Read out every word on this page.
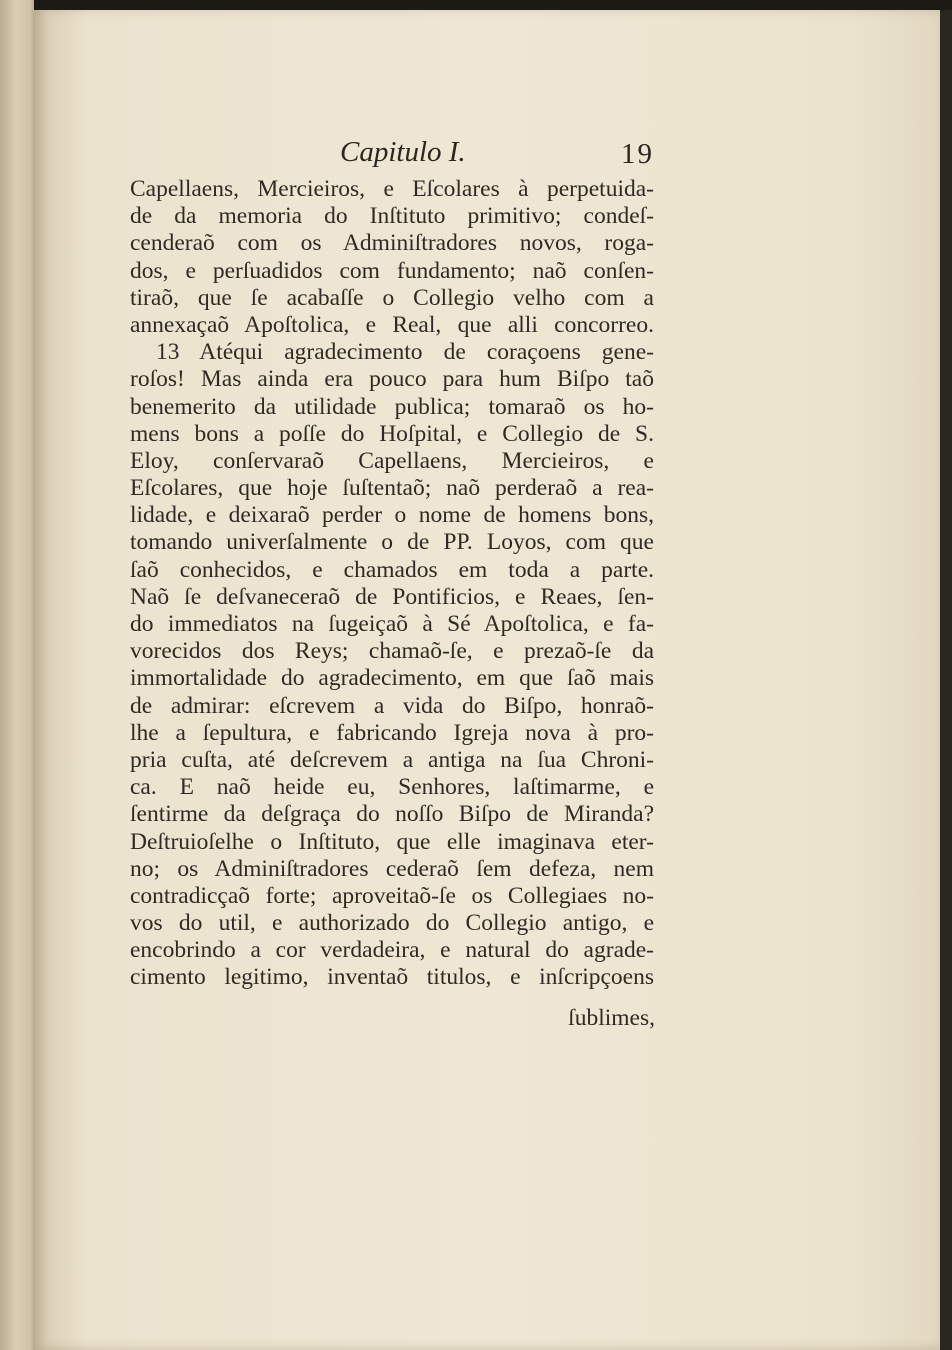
Capitulo I.	19
Capellaens, Mercieiros, e Eſcolares à perpetuida-
de da memoria do Inſtituto primitivo; condeſ-
cenderaõ com os Adminiſtradores novos, roga-
dos, e perſuadidos com fundamento; naõ conſen-
tiraõ, que ſe acabaſſe o Collegio velho com a
annexaçaõ Apoſtolica, e Real, que alli concorreo.
13 Atéqui agradecimento de coraçoens gene-
roſos! Mas ainda era pouco para hum Biſpo taõ
benemerito da utilidade publica; tomaraõ os ho-
mens bons a poſſe do Hoſpital, e Collegio de S.
Eloy, conſervaraõ Capellaens, Mercieiros, e
Eſcolares, que hoje ſuſtentaõ; naõ perderaõ a rea-
lidade, e deixaraõ perder o nome de homens bons,
tomando univerſalmente o de PP. Loyos, com que
ſaõ conhecidos, e chamados em toda a parte.
Naõ ſe deſvaneceraõ de Pontificios, e Reaes, ſen-
do immediatos na ſugeiçaõ à Sé Apoſtolica, e fa-
vorecidos dos Reys; chamaõ-ſe, e prezaõ-ſe da
immortalidade do agradecimento, em que ſaõ mais
de admirar: eſcrevem a vida do Biſpo, honraõ-
lhe a ſepultura, e fabricando Igreja nova à pro-
pria cuſta, até deſcrevem a antiga na ſua Chroni-
ca. E naõ heide eu, Senhores, laſtimarme, e
ſentirme da deſgraça do noſſo Biſpo de Miranda?
Deſtruioſelhe o Inſtituto, que elle imaginava eter-
no; os Adminiſtradores cederaõ ſem defeza, nem
contradicçaõ forte; aproveitaõ-ſe os Collegiaes no-
vos do util, e authorizado do Collegio antigo, e
encobrindo a cor verdadeira, e natural do agrade-
cimento legitimo, inventaõ titulos, e inſcripçoens
ſublimes,
